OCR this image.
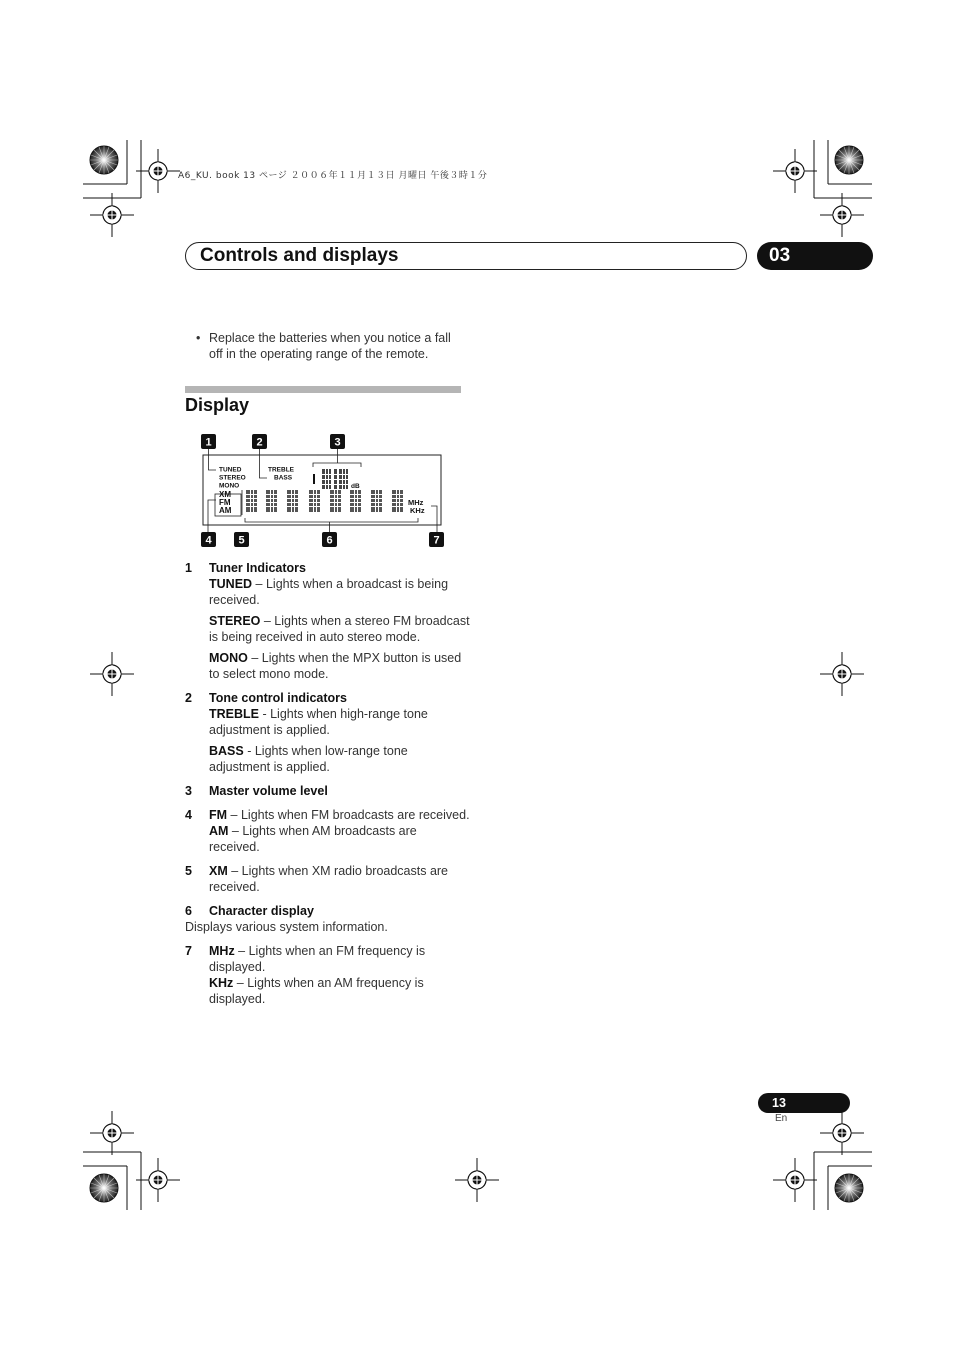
A6_KU. book 13 ページ ２００６年１１月１３日 月曜日 午後３時１分
Controls and displays	03
• Replace the batteries when you notice a fall off in the operating range of the remote.
Display
1	2	3
4 5	6	7
TUNED
STEREO
MONO
TREBLE
BASS
XM
FM
AM
dB
MHz
KHz
1 Tuner Indicators
TUNED – Lights when a broadcast is being received.
STEREO – Lights when a stereo FM broadcast is being received in auto stereo mode.
MONO – Lights when the MPX button is used to select mono mode.
2 Tone control indicators
TREBLE - Lights when high-range tone adjustment is applied.
BASS - Lights when low-range tone adjustment is applied.
3 Master volume level
4 FM – Lights when FM broadcasts are received.
AM – Lights when AM broadcasts are received.
5 XM – Lights when XM radio broadcasts are received.
6 Character display
Displays various system information.
7 MHz – Lights when an FM frequency is displayed.
KHz – Lights when an AM frequency is displayed.
13
En
